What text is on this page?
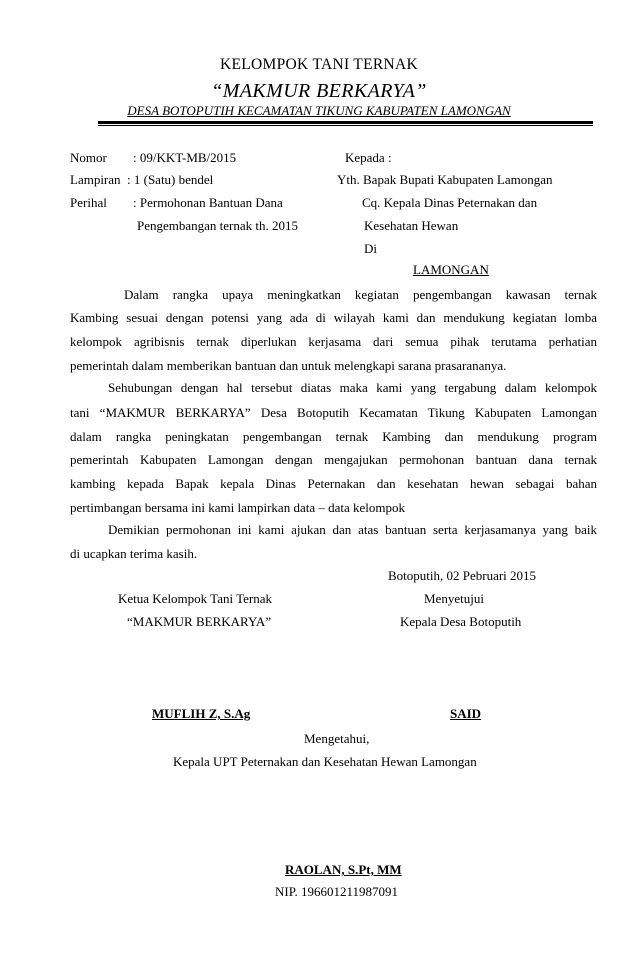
KELOMPOK TANI TERNAK
“MAKMUR BERKARYA”
DESA BOTOPUTIH KECAMATAN TIKUNG KABUPATEN LAMONGAN
Nomor : 09/KKT-MB/2015
Lampiran : 1 (Satu) bendel
Perihal : Permohonan Bantuan Dana
Pengembangan ternak th. 2015
Kepada :
Yth. Bapak Bupati Kabupaten Lamongan
Cq. Kepala Dinas Peternakan dan
Kesehatan Hewan
Di
LAMONGAN
Dalam rangka upaya meningkatkan kegiatan pengembangan kawasan ternak
Kambing sesuai dengan potensi yang ada di wilayah kami dan mendukung kegiatan lomba
kelompok agribisnis ternak diperlukan kerjasama dari semua pihak terutama perhatian
pemerintah dalam memberikan bantuan dan untuk melengkapi sarana prasarananya.
Sehubungan dengan hal tersebut diatas maka kami yang tergabung dalam kelompok
tani “MAKMUR BERKARYA” Desa Botoputih Kecamatan Tikung Kabupaten Lamongan
dalam rangka peningkatan pengembangan ternak Kambing dan mendukung program
pemerintah Kabupaten Lamongan dengan mengajukan permohonan bantuan dana ternak
kambing kepada Bapak kepala Dinas Peternakan dan kesehatan hewan sebagai bahan
pertimbangan bersama ini kami lampirkan data – data kelompok
Demikian permohonan ini kami ajukan dan atas bantuan serta kerjasamanya yang baik
di ucapkan terima kasih.
Botoputih, 02 Pebruari 2015
Ketua Kelompok Tani Ternak
“MAKMUR BERKARYA”
Menyetujui
Kepala Desa Botoputih
MUFLIH Z, S.Ag	SAID
Mengetahui,
Kepala UPT Peternakan dan Kesehatan Hewan Lamongan
RAOLAN, S.Pt, MM
NIP. 196601211987091
